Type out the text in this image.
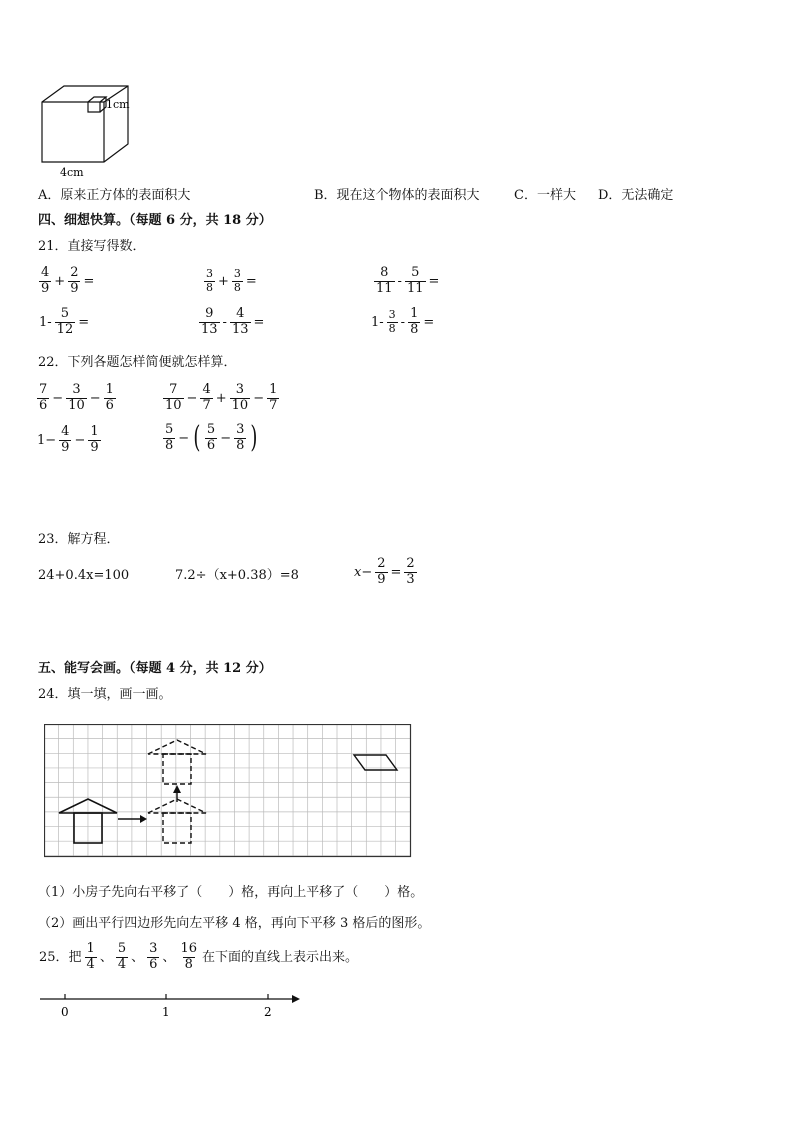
1cm
4cm
A．原来正方体的表面积大	B．现在这个物体的表面积大	C．一样大 D．无法确定
四、细想快算。（每题 6 分，共 18 分）
21．直接写得数．
$\frac{4}{9} + \frac{2}{9}$ =	$\frac{3}{8} + \frac{3}{8}$ =	$\frac{8}{11} - \frac{5}{11}$ =
$1- \frac{5}{12}$ =	$\frac{9}{13} - \frac{4}{13}$ =	$1- \frac{3}{8} - \frac{1}{8}$ =
22．下列各题怎样简便就怎样算．
$\frac{7}{6} - \frac{3}{10} - \frac{1}{6}$	$\frac{7}{10} - \frac{4}{7} + \frac{3}{10} - \frac{1}{7}$
$1- \frac{4}{9} - \frac{1}{9}$	$\frac{5}{8}$ − ( $\frac{5}{6} - \frac{3}{8}$ )
23．解方程．
24+0.4x=100	7.2÷（x+0.38）=8	$x- \frac{2}{9} = \frac{2}{3}$
五、能写会画。（每题 4 分，共 12 分）
24．填一填，画一画。
（1）小房子先向右平移了（　　）格，再向上平移了（　　）格。
（2）画出平行四边形先向左平移 4 格，再向下平移 3 格后的图形。
25．把 $\frac{1}{4}$ 、 $\frac{5}{4}$ 、 $\frac{3}{6}$ 、 $\frac{16}{8}$ 在下面的直线上表示出来。
0	1	2
